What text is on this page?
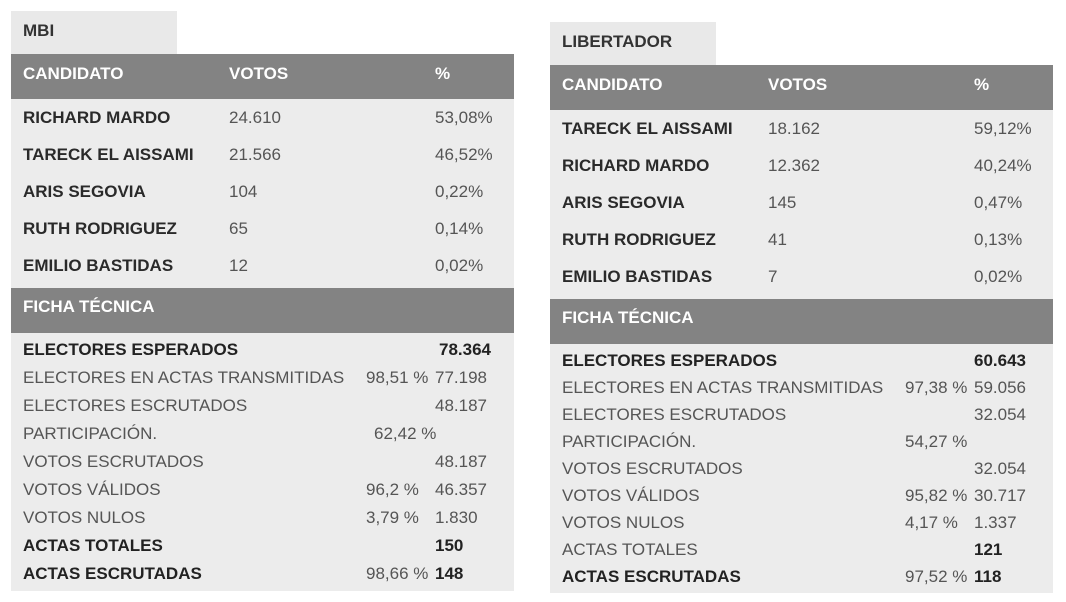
MBI
CANDIDATO	VOTOS	%
RICHARD MARDO	24.610	53,08%
TARECK EL AISSAMI 21.566	46,52%
ARIS SEGOVIA	104	0,22%
RUTH RODRIGUEZ	65	0,14%
EMILIO BASTIDAS	12	0,02%
FICHA TÉCNICA
ELECTORES ESPERADOS	78.364
ELECTORES EN ACTAS TRANSMITIDAS 98,51 % 77.198
ELECTORES ESCRUTADOS	48.187
PARTICIPACIÓN.	62,42 %
VOTOS ESCRUTADOS	48.187
VOTOS VÁLIDOS	96,2 % 46.357
VOTOS NULOS	3,79 % 1.830
ACTAS TOTALES	150
ACTAS ESCRUTADAS	98,66 % 148
LIBERTADOR
CANDIDATO	VOTOS	%
TARECK EL AISSAMI 18.162	59,12%
RICHARD MARDO	12.362	40,24%
ARIS SEGOVIA	145	0,47%
RUTH RODRIGUEZ	41	0,13%
EMILIO BASTIDAS	7	0,02%
FICHA TÉCNICA
ELECTORES ESPERADOS	60.643
ELECTORES EN ACTAS TRANSMITIDAS 97,38 % 59.056
ELECTORES ESCRUTADOS	32.054
PARTICIPACIÓN.	54,27 %
VOTOS ESCRUTADOS	32.054
VOTOS VÁLIDOS	95,82 % 30.717
VOTOS NULOS	4,17 % 1.337
ACTAS TOTALES	121
ACTAS ESCRUTADAS	97,52 % 118
